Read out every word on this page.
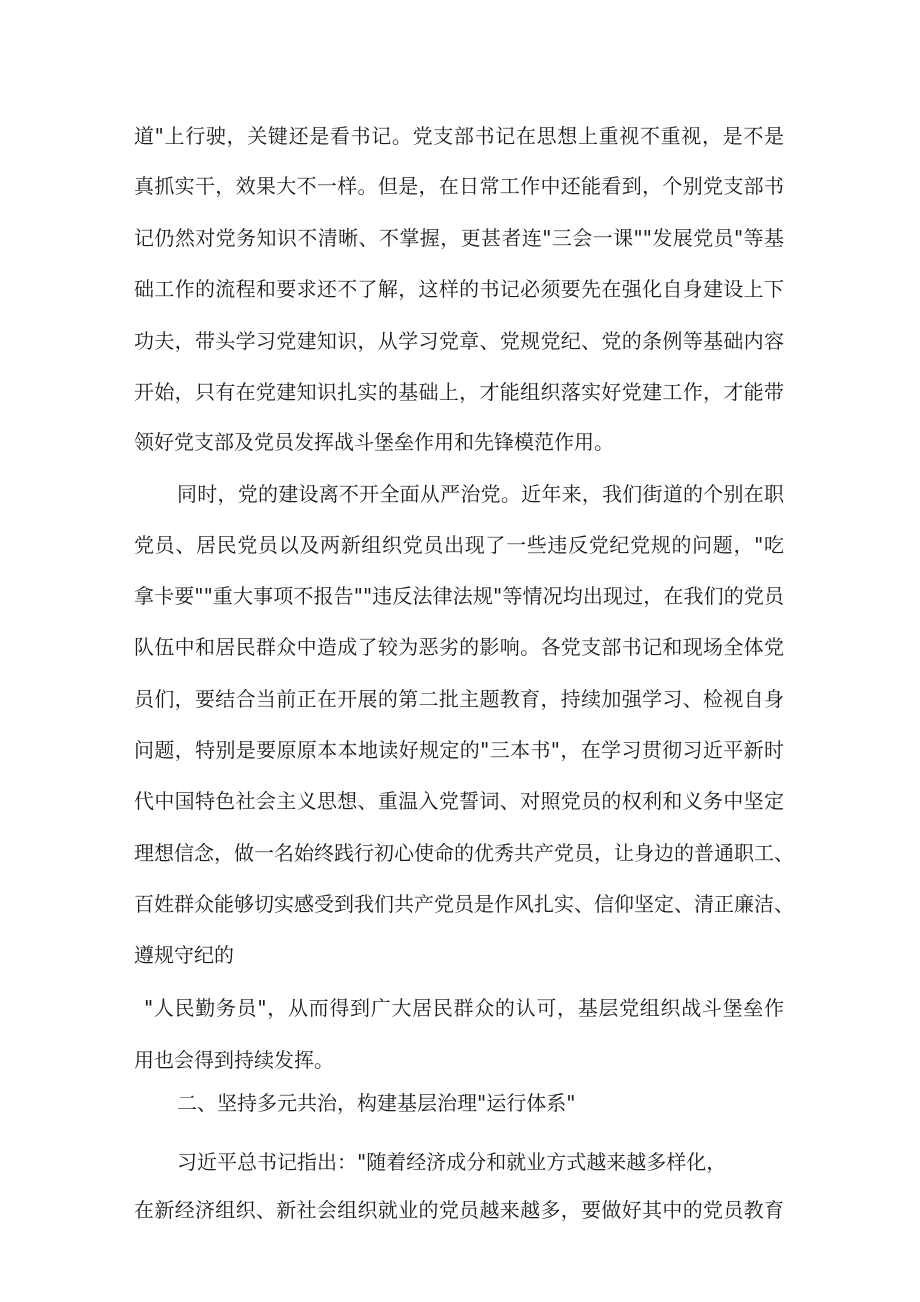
道"上行驶，关键还是看书记。党支部书记在思想上重视不重视，是不是
真抓实干，效果大不一样。但是，在日常工作中还能看到，个别党支部书
记仍然对党务知识不清晰、不掌握，更甚者连"三会一课""发展党员"等基
础工作的流程和要求还不了解，这样的书记必须要先在强化自身建设上下
功夫，带头学习党建知识，从学习党章、党规党纪、党的条例等基础内容
开始，只有在党建知识扎实的基础上，才能组织落实好党建工作，才能带
领好党支部及党员发挥战斗堡垒作用和先锋模范作用。
同时，党的建设离不开全面从严治党。近年来，我们街道的个别在职
党员、居民党员以及两新组织党员出现了一些违反党纪党规的问题，"吃
拿卡要""重大事项不报告""违反法律法规"等情况均出现过，在我们的党员
队伍中和居民群众中造成了较为恶劣的影响。各党支部书记和现场全体党
员们，要结合当前正在开展的第二批主题教育，持续加强学习、检视自身
问题，特别是要原原本本地读好规定的"三本书"，在学习贯彻习近平新时
代中国特色社会主义思想、重温入党誓词、对照党员的权利和义务中坚定
理想信念，做一名始终践行初心使命的优秀共产党员，让身边的普通职工、
百姓群众能够切实感受到我们共产党员是作风扎实、信仰坚定、清正廉洁、
遵规守纪的
"人民勤务员"，从而得到广大居民群众的认可，基层党组织战斗堡垒作
用也会得到持续发挥。
二、坚持多元共治，构建基层治理"运行体系"
习近平总书记指出："随着经济成分和就业方式越来越多样化，
在新经济组织、新社会组织就业的党员越来越多，要做好其中的党员教育
